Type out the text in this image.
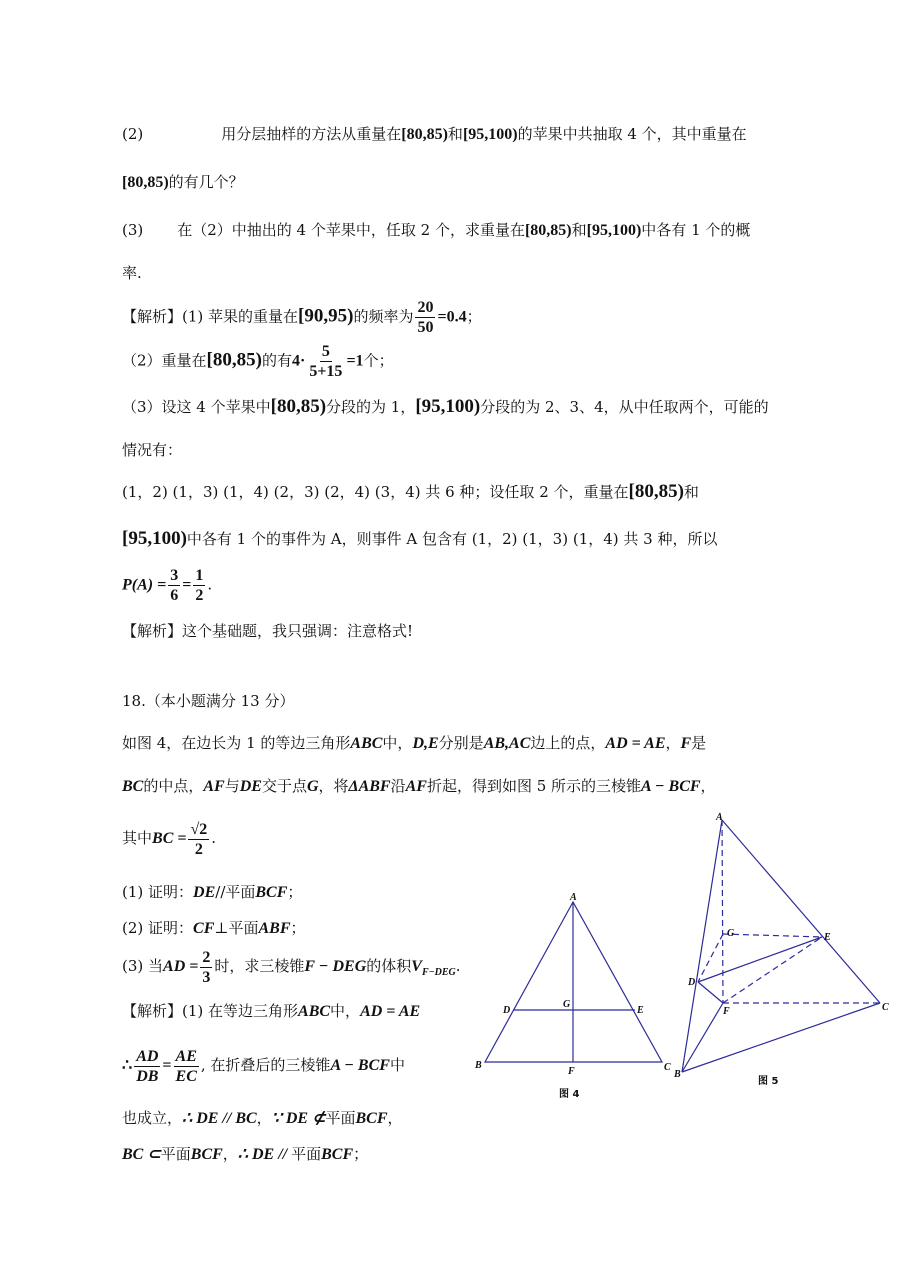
(2)	用分层抽样的方法从重量在[80,85)和[95,100)的苹果中共抽取 4 个，其中重量在
[80,85)的有几个？
(3) 在（2）中抽出的 4 个苹果中，任取 2 个，求重量在[80,85)和[95,100)中各有 1 个的概
率.
【解析】(1) 苹果的重量在[90,95)的频率为 $\frac{20}{50} =0.4$；
（2）重量在[80,85)的有$4\cdot \frac{5}{5+15} =1$个；
（3）设这 4 个苹果中[80,85)分段的为 1，[95,100)分段的为 2、3、4，从中任取两个，可能的
情况有：
(1，2) (1，3) (1，4) (2，3) (2，4) (3，4) 共 6 种；设任取 2 个，重量在[80,85)和
[95,100)中各有 1 个的事件为 A，则事件 A 包含有 (1，2) (1，3) (1，4) 共 3 种，所以
$P(A) = \frac{3}{6} = \frac{1}{2}$ .
【解析】这个基础题，我只强调：注意格式!
18.（本小题满分 13 分）
如图 4，在边长为 1 的等边三角形ABC中，D,E分别是AB,AC边上的点，AD = AE，F是
BC的中点，AF与DE交于点G，将ΔABF沿AF折起，得到如图 5 所示的三棱锥A − BCF，
其中BC = $\frac{√2}{2}$ .
(1) 证明：DE//平面BCF；
(2) 证明：CF⊥平面ABF；
(3) 当AD = $\frac{2}{3}$ 时，求三棱锥F − DEG的体积$V_{F-DEG}$.
【解析】(1) 在等边三角形ABC中，AD = AE
∴ $\frac{AD}{DB} = \frac{AE}{EC}$ , 在折叠后的三棱锥A − BCF中
也成立，∴ DE // BC，∵ DE ⊄平面BCF，
BC ⊂平面BCF，∴ DE // 平面BCF；
A
D
G
E
B
F	C
图 4
A
G	E
D
F	C
B
图 5
